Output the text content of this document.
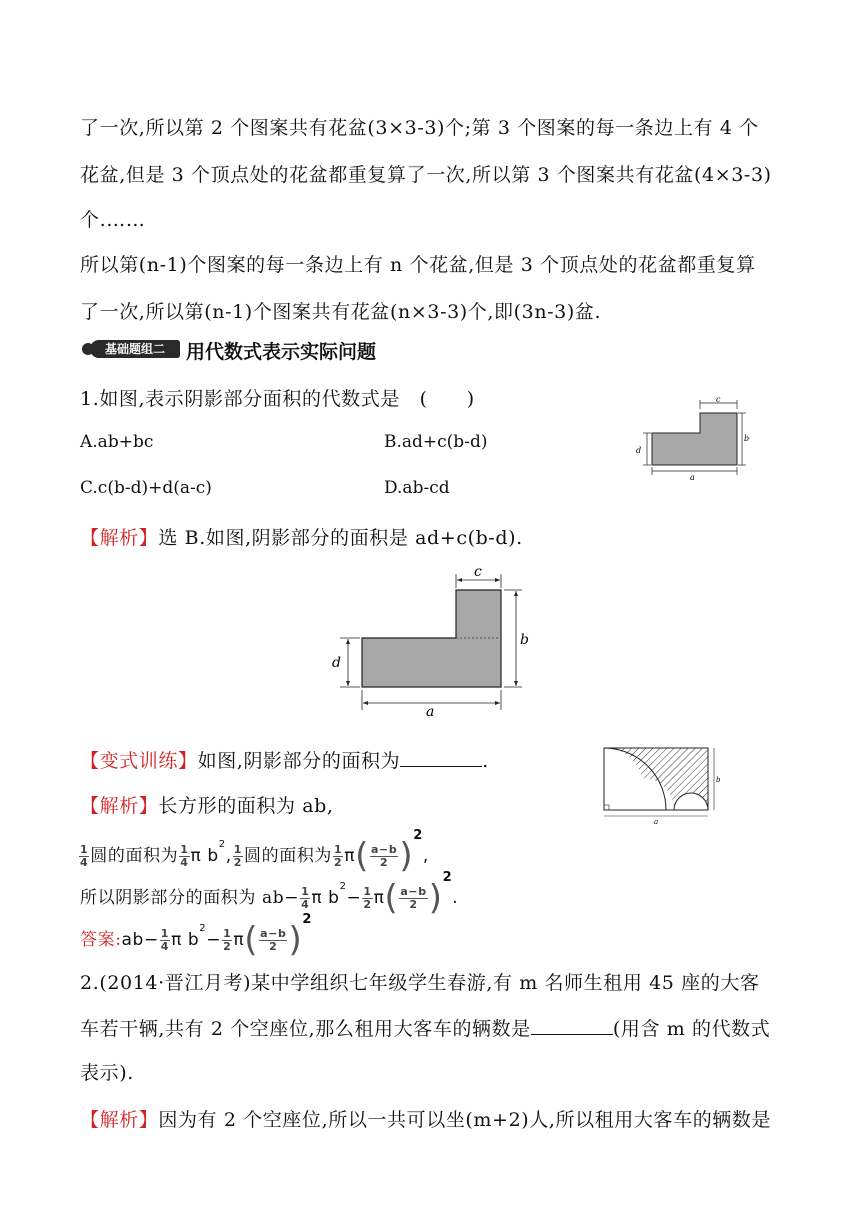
了一次,所以第 2 个图案共有花盆(3×3-3)个;第 3 个图案的每一条边上有 4 个
花盆,但是 3 个顶点处的花盆都重复算了一次,所以第 3 个图案共有花盆(4×3-3)
个.……
所以第(n-1)个图案的每一条边上有 n 个花盆,但是 3 个顶点处的花盆都重复算
了一次,所以第(n-1)个图案共有花盆(n×3-3)个,即(3n-3)盆.
基础题组二	用代数式表示实际问题
1.如图,表示阴影部分面积的代数式是　(　　)
A.ab+bc	B.ad+c(b-d)
C.c(b-d)+d(a-c)	D.ab-cd
c
b
d
a
【解析】选 B.如图,阴影部分的面积是 ad+c(b-d).
c
b
d
a
【变式训练】如图,阴影部分的面积为	.
b
a
【解析】长方形的面积为 ab,
$\frac{1}{4}$ 圆的面积为 $\frac{1}{4}$ π $b^2$, $\frac{1}{2}$ 圆的面积为 $\frac{1}{2} \pi( \frac{a-b}{2} )^2$,
所以阴影部分的面积为 $ab- \frac{1}{4}$ π $b^2- \frac{1}{2} \pi( \frac{a-b}{2} )^2$.
答案:ab− $\frac{1}{4}$ π $b^2- \frac{1}{2} \pi( \frac{a-b}{2} )^2$
2.(2014·晋江月考)某中学组织七年级学生春游,有 m 名师生租用 45 座的大客
车若干辆,共有 2 个空座位,那么租用大客车的辆数是	(用含 m 的代数式
表示).
【解析】因为有 2 个空座位,所以一共可以坐(m+2)人,所以租用大客车的辆数是
